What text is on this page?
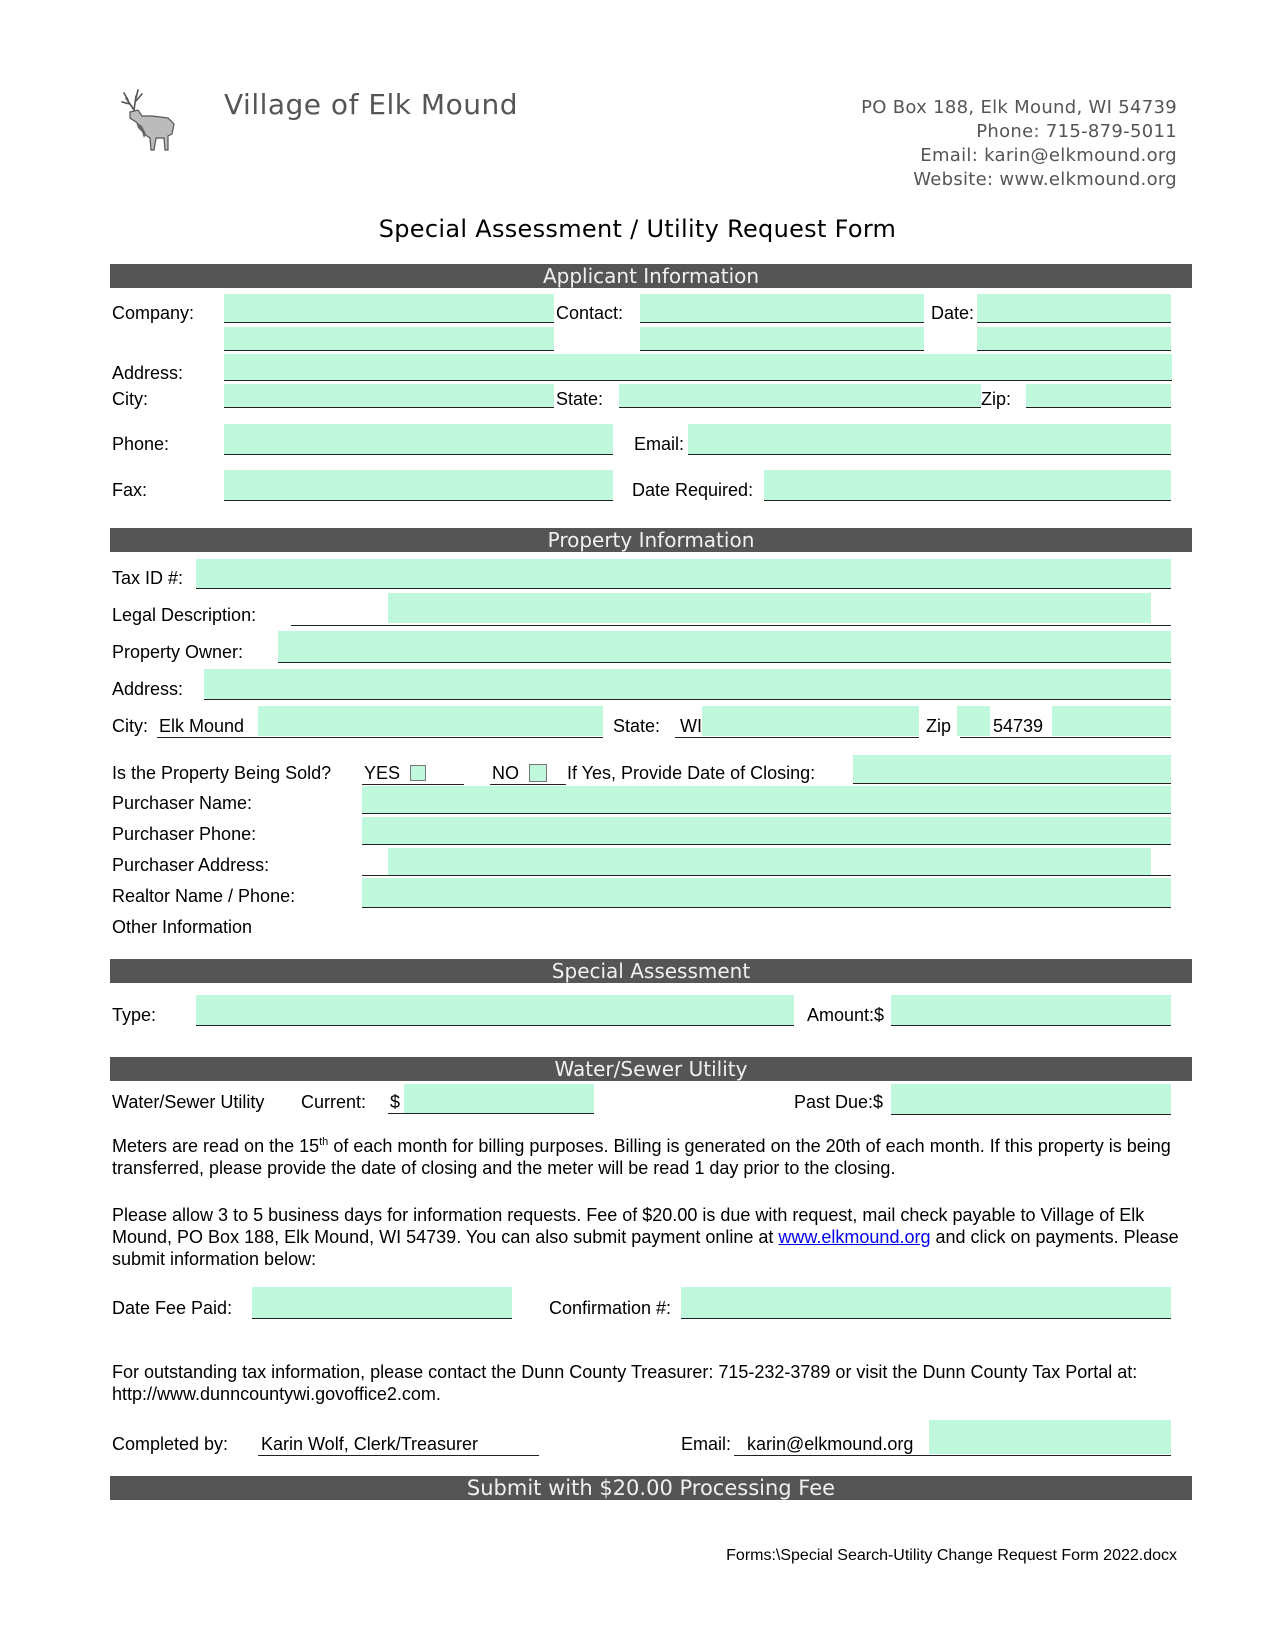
Village of Elk Mound	PO Box 188, Elk Mound, WI 54739
Phone: 715-879-5011
Email: karin@elkmound.org
Website: www.elkmound.org
Special Assessment / Utility Request Form
Applicant Information
Company:	Contact:	Date:
Address:
City:	State:	Zip:
Phone:	Email:
Fax:	Date Required:
Property Information
Tax ID #:
Legal Description:
Property Owner:
Address:
City: Elk Mound	State: WI	Zip 54739
Is the Property Being Sold? YES	NO	If Yes, Provide Date of Closing:
Purchaser Name:
Purchaser Phone:
Purchaser Address:
Realtor Name / Phone:
Other Information
Special Assessment
Type:	Amount:$
Water/Sewer Utility
Water/Sewer Utility Current: $	Past Due:$
Meters are read on the 15th of each month for billing purposes. Billing is generated on the 20th of each month. If this property is being transferred, please provide the date of closing and the meter will be read 1 day prior to the closing.
Please allow 3 to 5 business days for information requests. Fee of $20.00 is due with request, mail check payable to Village of Elk Mound, PO Box 188, Elk Mound, WI 54739. You can also submit payment online at www.elkmound.org and click on payments. Please submit information below:
Date Fee Paid:	Confirmation #:
For outstanding tax information, please contact the Dunn County Treasurer: 715-232-3789 or visit the Dunn County Tax Portal at: http://www.dunncountywi.govoffice2.com.
Completed by: Karin Wolf, Clerk/Treasurer	Email: karin@elkmound.org
Submit with $20.00 Processing Fee
Forms:\Special Search-Utility Change Request Form 2022.docx
